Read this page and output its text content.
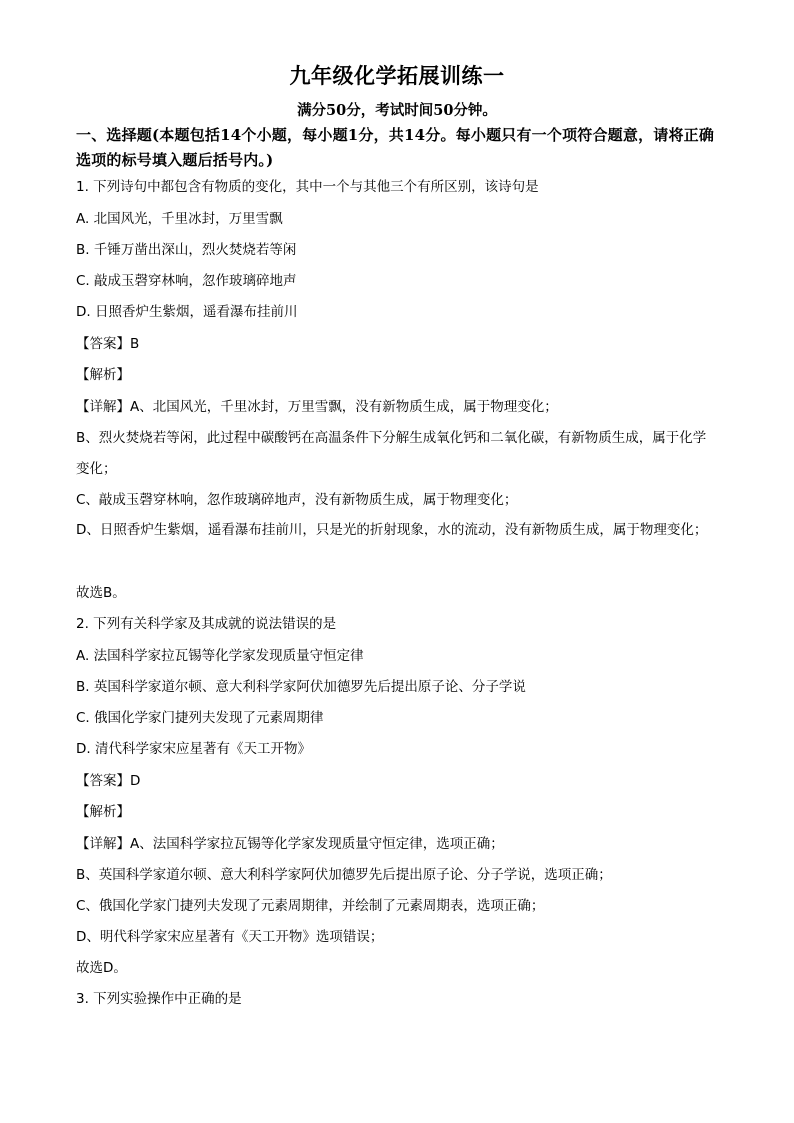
九年级化学拓展训练一
满分50分，考试时间50分钟。
一、选择题(本题包括14个小题，每小题1分，共14分。每小题只有一个项符合题意，请将正确选项的标号填入题后括号内。)
1. 下列诗句中都包含有物质的变化，其中一个与其他三个有所区别，该诗句是
A. 北国风光，千里冰封，万里雪飘
B. 千锤万凿出深山，烈火焚烧若等闲
C. 敲成玉磬穿林响，忽作玻璃碎地声
D. 日照香炉生紫烟，遥看瀑布挂前川
【答案】B
【解析】
【详解】A、北国风光，千里冰封，万里雪飘，没有新物质生成，属于物理变化；
B、烈火焚烧若等闲，此过程中碳酸钙在高温条件下分解生成氧化钙和二氧化碳，有新物质生成，属于化学变化；
C、敲成玉磬穿林响，忽作玻璃碎地声，没有新物质生成，属于物理变化；
D、日照香炉生紫烟，遥看瀑布挂前川，只是光的折射现象，水的流动，没有新物质生成，属于物理变化；
故选B。
2. 下列有关科学家及其成就的说法错误的是
A. 法国科学家拉瓦锡等化学家发现质量守恒定律
B. 英国科学家道尔顿、意大利科学家阿伏加德罗先后提出原子论、分子学说
C. 俄国化学家门捷列夫发现了元素周期律
D. 清代科学家宋应星著有《天工开物》
【答案】D
【解析】
【详解】A、法国科学家拉瓦锡等化学家发现质量守恒定律，选项正确；
B、英国科学家道尔顿、意大利科学家阿伏加德罗先后提出原子论、分子学说，选项正确；
C、俄国化学家门捷列夫发现了元素周期律，并绘制了元素周期表，选项正确；
D、明代科学家宋应星著有《天工开物》选项错误；
故选D。
3. 下列实验操作中正确的是
